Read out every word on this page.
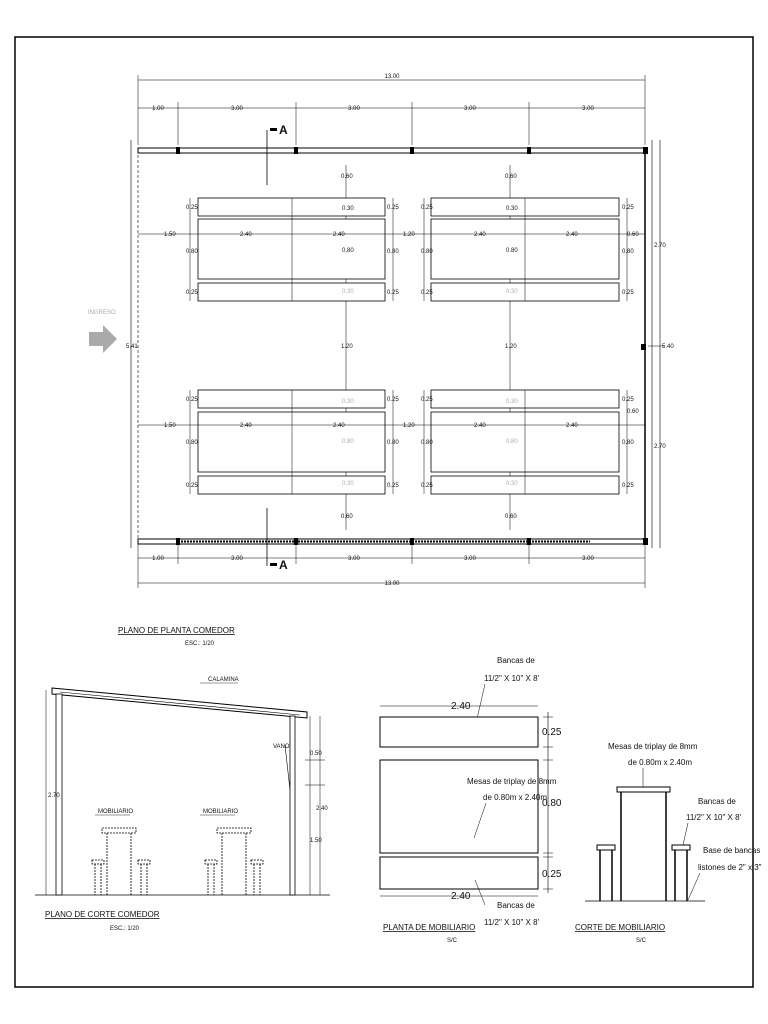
13.00
1.00	3.00	3.00	3.00	3.00
2.70
2.70
5.40
5.41
INGRESO
A
A
1.50	2.40	2.40	1.20	2.40	2.40	0.60
1.50	2.40	2.40	1.20	2.40	2.40
0.60
0.60	0.60
0.30	0.30
0.80	0.80
0.30	0.30
1.20	1.20
0.30	0.30
0.80	0.80
0.30	0.30
0.60	0.60
0.25
0.80
0.25
0.25
0.80
0.25
0.25
0.80
0.25
0.25
0.80
0.25
0.25
0.80
0.25
0.25
0.80
0.25
0.25
0.80
0.25
0.25
0.80
0.25
1.00	3.00	3.00	3.00	3.00
13.00
PLANO DE PLANTA COMEDOR
ESC.: 1/20
2.70
0.50
2.40
1.50
CALAMINA
VANO
MOBILIARIO	MOBILIARIO
PLANO DE CORTE COMEDOR
ESC.: 1/20
Bancas de
11/2" X 10" X 8'
2.40
Mesas de triplay de 8mm
de 0.80m x 2.40m
2.40
Bancas de
11/2" X 10" X 8'
0.25
0.80
0.25
PLANTA DE MOBILIARIO
S/C
Mesas de triplay de 8mm
de 0.80m x 2.40m
Bancas de
11/2" X 10" X 8'
Base de bancas
listones de 2" x 3"
CORTE DE MOBILIARIO
S/C
